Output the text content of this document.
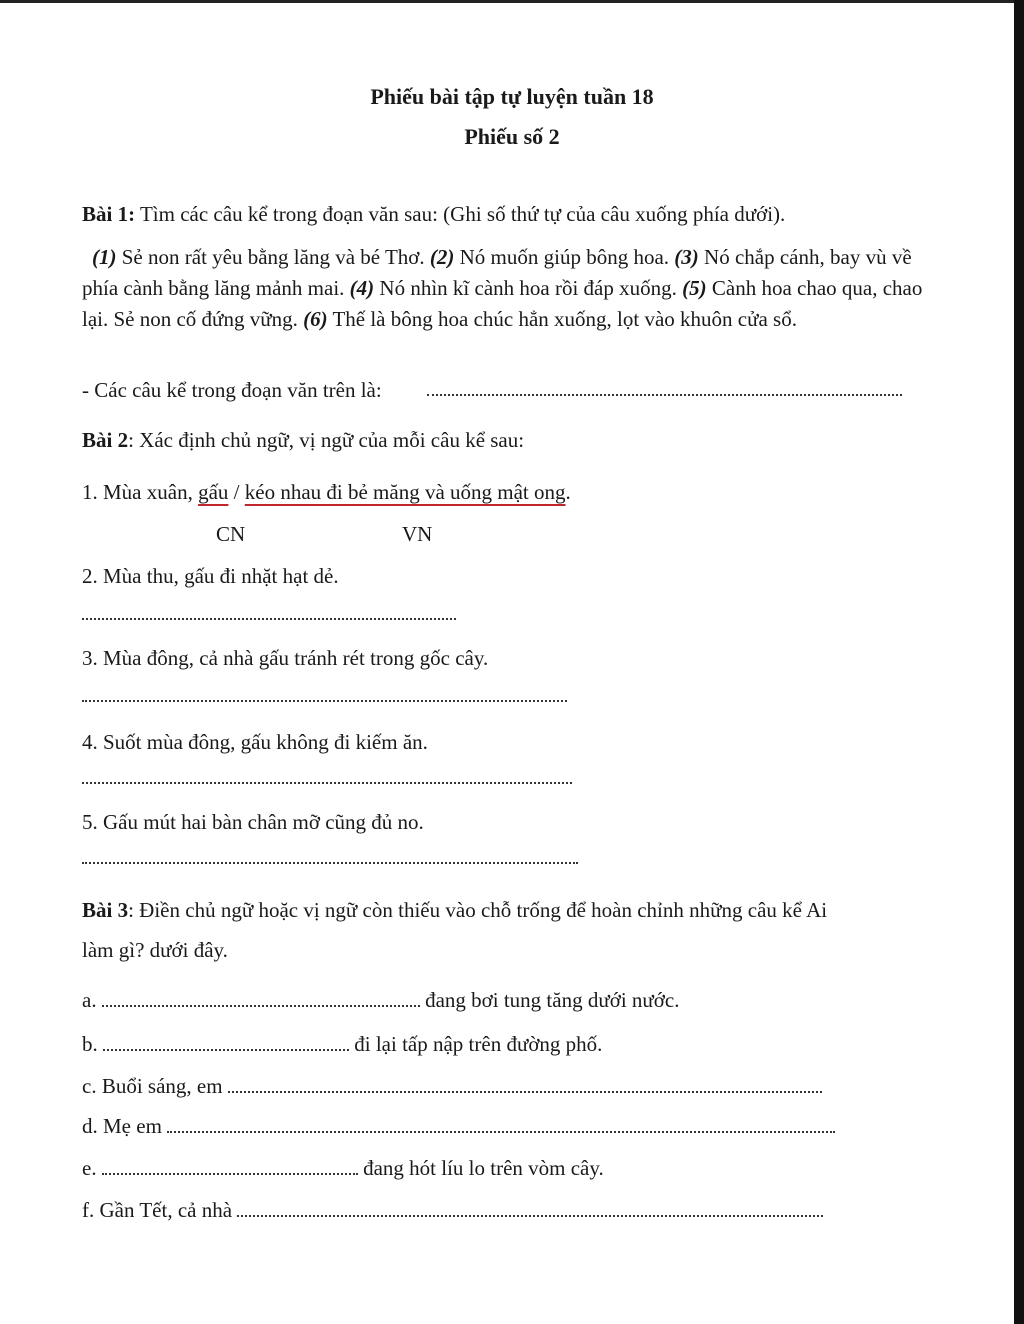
Phiếu bài tập tự luyện tuần 18
Phiếu số 2
Bài 1: Tìm các câu kể trong đoạn văn sau: (Ghi số thứ tự của câu xuống phía dưới).
(1) Sẻ non rất yêu bằng lăng và bé Thơ. (2) Nó muốn giúp bông hoa. (3) Nó chắp cánh, bay vù về phía cành bằng lăng mảnh mai. (4) Nó nhìn kĩ cành hoa rồi đáp xuống. (5) Cành hoa chao qua, chao lại. Sẻ non cố đứng vững. (6) Thế là bông hoa chúc hẳn xuống, lọt vào khuôn cửa sổ.
- Các câu kể trong đoạn văn trên là:
Bài 2: Xác định chủ ngữ, vị ngữ của mỗi câu kể sau:
1. Mùa xuân, gấu / kéo nhau đi bẻ măng và uống mật ong.
CN	VN
2. Mùa thu, gấu đi nhặt hạt dẻ.
3. Mùa đông, cả nhà gấu tránh rét trong gốc cây.
4. Suốt mùa đông, gấu không đi kiếm ăn.
5. Gấu mút hai bàn chân mỡ cũng đủ no.
Bài 3: Điền chủ ngữ hoặc vị ngữ còn thiếu vào chỗ trống để hoàn chỉnh những câu kể Ai
làm gì? dưới đây.
a.	đang bơi tung tăng dưới nước.
b.	đi lại tấp nập trên đường phố.
c. Buổi sáng, em
d. Mẹ em
e.	đang hót líu lo trên vòm cây.
f. Gần Tết, cả nhà
